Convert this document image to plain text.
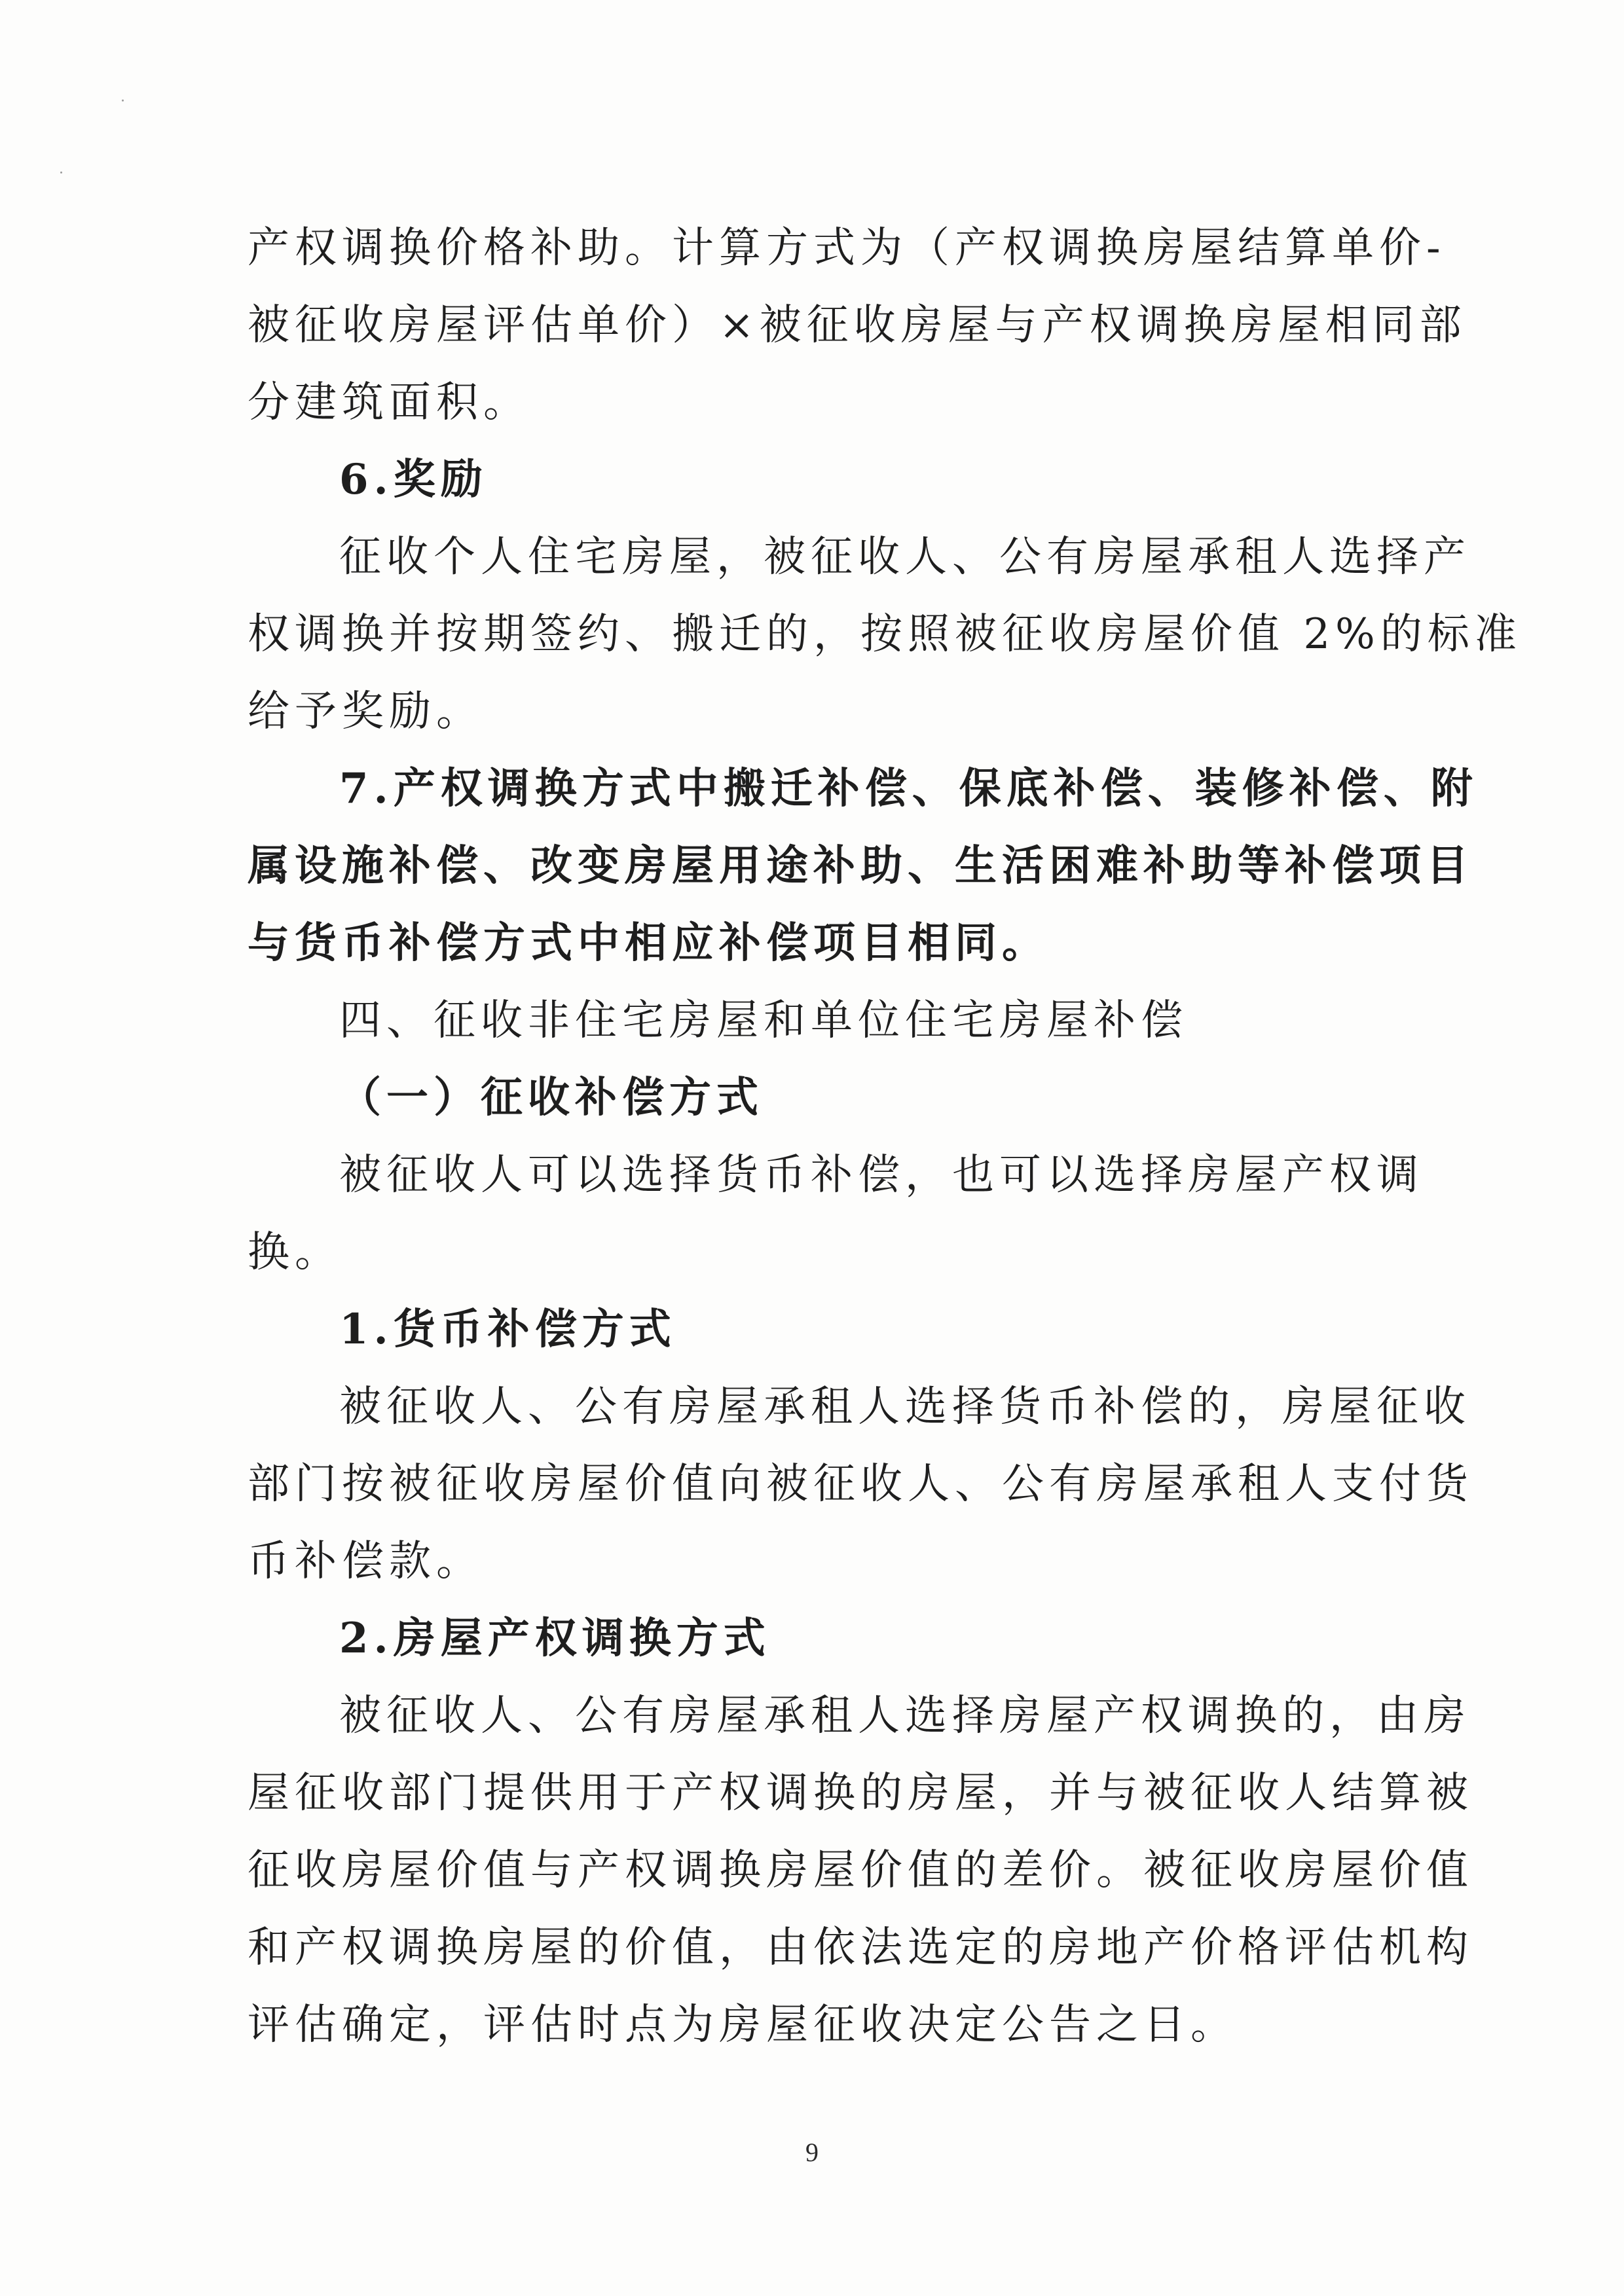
产权调换价格补助。计算方式为（产权调换房屋结算单价-
被征收房屋评估单价）×被征收房屋与产权调换房屋相同部
分建筑面积。
6.奖励
征收个人住宅房屋，被征收人、公有房屋承租人选择产
权调换并按期签约、搬迁的，按照被征收房屋价值 2%的标准
给予奖励。
7.产权调换方式中搬迁补偿、保底补偿、装修补偿、附
属设施补偿、改变房屋用途补助、生活困难补助等补偿项目
与货币补偿方式中相应补偿项目相同。
四、征收非住宅房屋和单位住宅房屋补偿
（一）征收补偿方式
被征收人可以选择货币补偿，也可以选择房屋产权调
换。
1.货币补偿方式
被征收人、公有房屋承租人选择货币补偿的，房屋征收
部门按被征收房屋价值向被征收人、公有房屋承租人支付货
币补偿款。
2.房屋产权调换方式
被征收人、公有房屋承租人选择房屋产权调换的，由房
屋征收部门提供用于产权调换的房屋，并与被征收人结算被
征收房屋价值与产权调换房屋价值的差价。被征收房屋价值
和产权调换房屋的价值，由依法选定的房地产价格评估机构
评估确定，评估时点为房屋征收决定公告之日。
9
